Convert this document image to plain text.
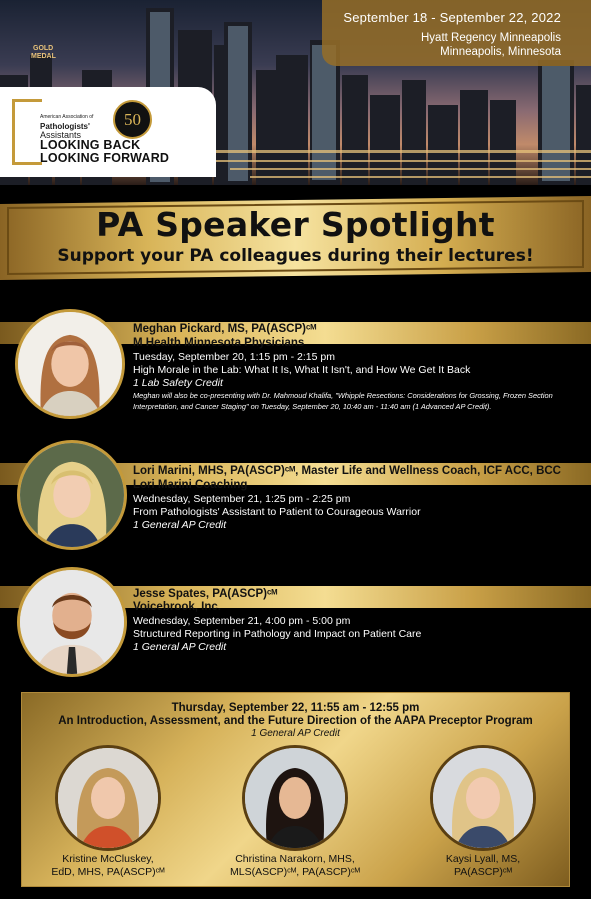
GOLD
MEDAL
September 18 - September 22, 2022
Hyatt Regency Minneapolis
Minneapolis, Minnesota
American Association of
Pathologists'
Assistants
50
LOOKING BACK
LOOKING FORWARD
PA Speaker Spotlight
Support your PA colleagues during their lectures!
Meghan Pickard, MS, PA(ASCP)ᶜᴹ
M Health Minnesota Physicians
Tuesday, September 20, 1:15 pm - 2:15 pm
High Morale in the Lab: What It Is, What It Isn't, and How We Get It Back
1 Lab Safety Credit
Meghan will also be co-presenting with Dr. Mahmoud Khalifa, "Whipple Resections: Considerations for Grossing, Frozen Section Interpretation, and Cancer Staging" on Tuesday, September 20, 10:40 am - 11:40 am (1 Advanced AP Credit).
Lori Marini, MHS, PA(ASCP)ᶜᴹ, Master Life and Wellness Coach, ICF ACC, BCC
Lori Marini Coaching
Wednesday, September 21, 1:25 pm - 2:25 pm
From Pathologists' Assistant to Patient to Courageous Warrior
1 General AP Credit
Jesse Spates, PA(ASCP)ᶜᴹ
Voicebrook, Inc.
Wednesday, September 21, 4:00 pm - 5:00 pm
Structured Reporting in Pathology and Impact on Patient Care
1 General AP Credit
Thursday, September 22, 11:55 am - 12:55 pm
An Introduction, Assessment, and the Future Direction of the AAPA Preceptor Program
1 General AP Credit
Kristine McCluskey,
EdD, MHS, PA(ASCP)ᶜᴹ
Christina Narakorn, MHS,
MLS(ASCP)ᶜᴹ, PA(ASCP)ᶜᴹ
Kaysi Lyall, MS,
PA(ASCP)ᶜᴹ
